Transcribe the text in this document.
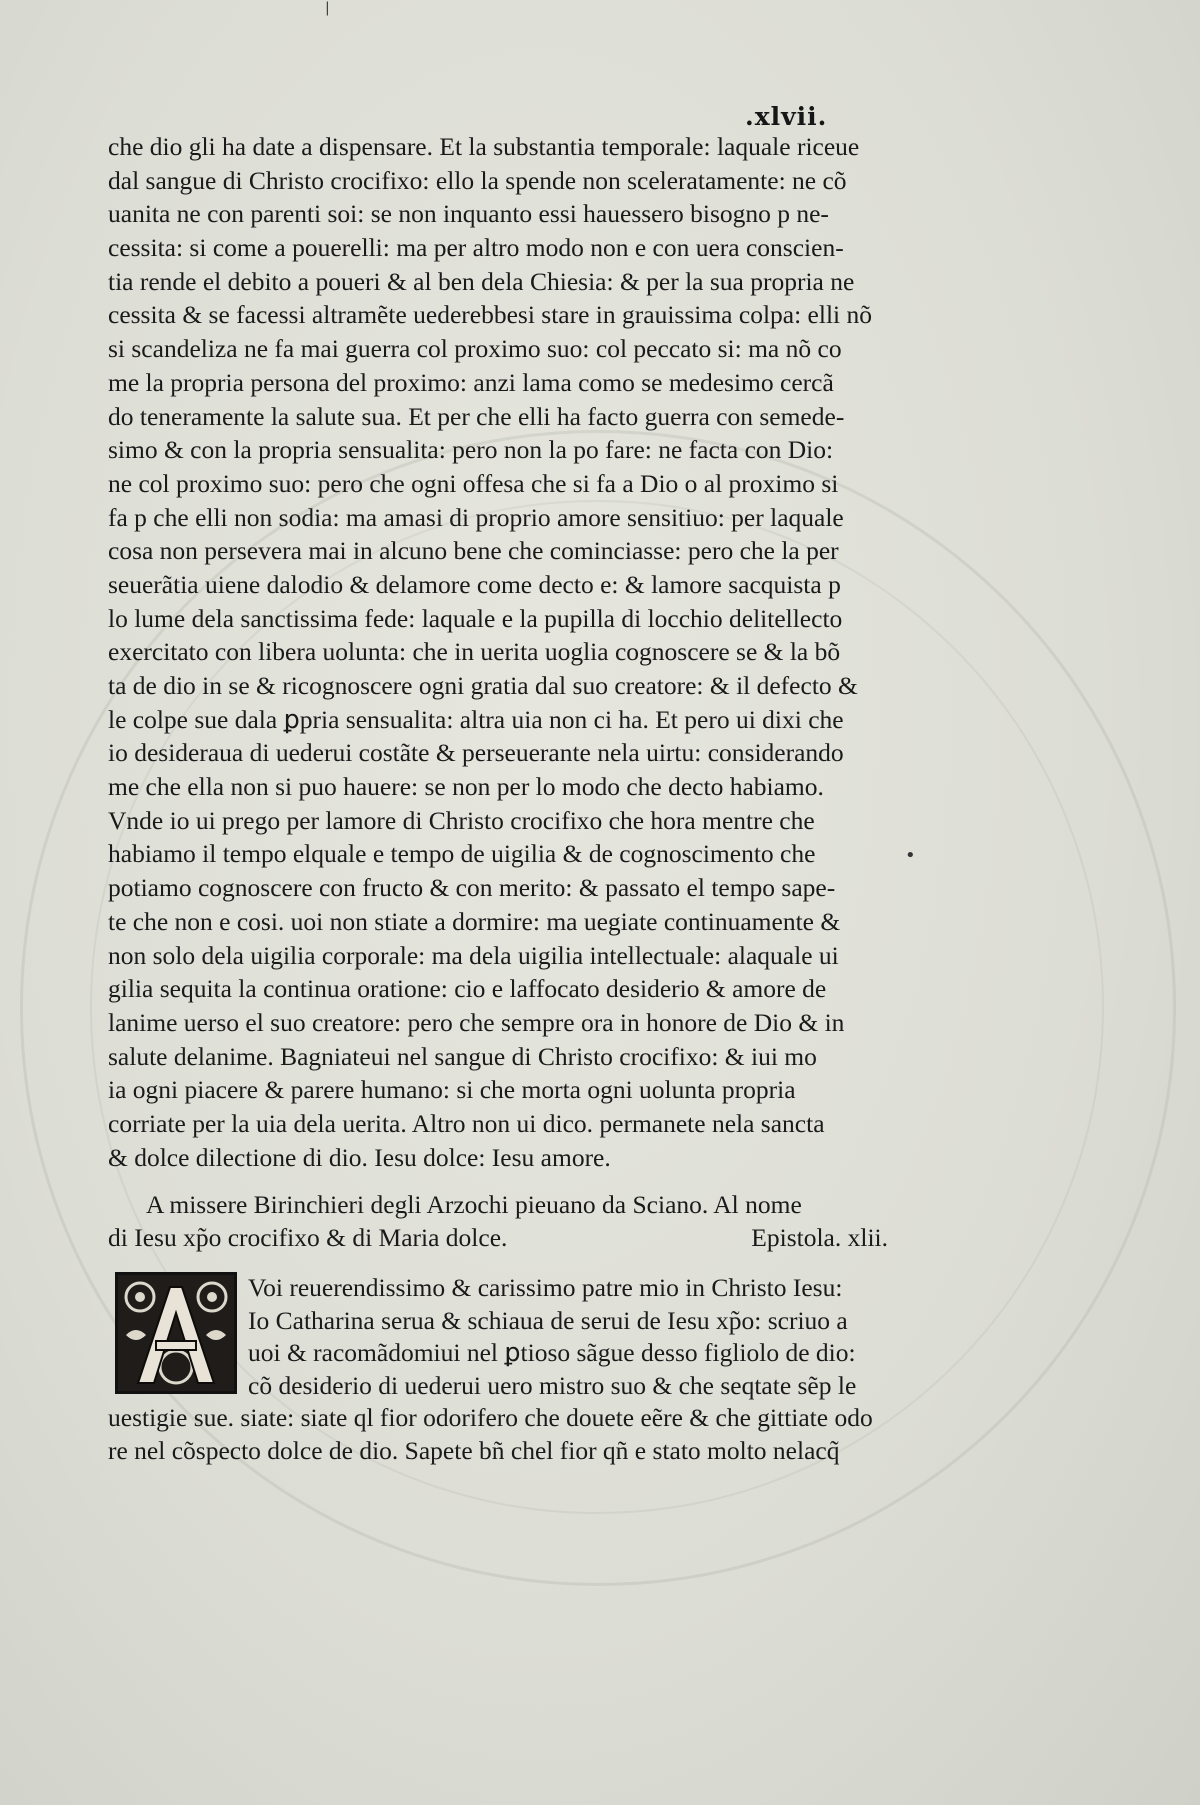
.xlvii.
che dio gli ha date a dispensare. Et la substantia temporale: laquale riceue
dal sangue di Christo crocifixo: ello la spende non sceleratamente: ne cõ
uanita ne con parenti soi: se non inquanto essi hauessero bisogno p ne-
cessita: si come a pouerelli: ma per altro modo non e con uera conscien-
tia rende el debito a poueri & al ben dela Chiesia: & per la sua propria ne
cessita & se facessi altramẽte uederebbesi stare in grauissima colpa: elli nõ
si scandeliza ne fa mai guerra col proximo suo: col peccato si: ma nõ co
me la propria persona del proximo: anzi lama como se medesimo cercã
do teneramente la salute sua. Et per che elli ha facto guerra con semede-
simo & con la propria sensualita: pero non la po fare: ne facta con Dio:
ne col proximo suo: pero che ogni offesa che si fa a Dio o al proximo si
fa p che elli non sodia: ma amasi di proprio amore sensitiuo: per laquale
cosa non persevera mai in alcuno bene che cominciasse: pero che la per
seuerãtia uiene dalodio & delamore come decto e: & lamore sacquista p
lo lume dela sanctissima fede: laquale e la pupilla di locchio delitellecto
exercitato con libera uolunta: che in uerita uoglia cognoscere se & la bõ
ta de dio in se & ricognoscere ogni gratia dal suo creatore: & il defecto &
le colpe sue dala ꝑpria sensualita: altra uia non ci ha. Et pero ui dixi che
io desideraua di uederui costãte & perseuerante nela uirtu: considerando
me che ella non si puo hauere: se non per lo modo che decto habiamo.
Vnde io ui prego per lamore di Christo crocifixo che hora mentre che
habiamo il tempo elquale e tempo de uigilia & de cognoscimento che
potiamo cognoscere con fructo & con merito: & passato el tempo sape-
te che non e cosi. uoi non stiate a dormire: ma uegiate continuamente &
non solo dela uigilia corporale: ma dela uigilia intellectuale: alaquale ui
gilia sequita la continua oratione: cio e laffocato desiderio & amore de
lanime uerso el suo creatore: pero che sempre ora in honore de Dio & in
salute delanime. Bagniateui nel sangue di Christo crocifixo: & iui mo
ia ogni piacere & parere humano: si che morta ogni uolunta propria
corriate per la uia dela uerita. Altro non ui dico. permanete nela sancta
& dolce dilectione di dio. Iesu dolce: Iesu amore.
A missere Birinchieri degli Arzochi pieuano da Sciano. Al nome
di Iesu xp̃o crocifixo & di Maria dolce.	Epistola. xlii.
Voi reuerendissimo & carissimo patre mio in Christo Iesu:
Io Catharina serua & schiaua de serui de Iesu xp̃o: scriuo a
uoi & racomãdomiui nel ꝑtioso sãgue desso figliolo de dio:
cõ desiderio di uederui uero mistro suo & che seqtate sẽp le
uestigie sue. siate: siate ql fior odorifero che douete eẽre & che gittiate odo
re nel cõspecto dolce de dio. Sapete bñ chel fior qñ e stato molto nelacq̃
•
|
